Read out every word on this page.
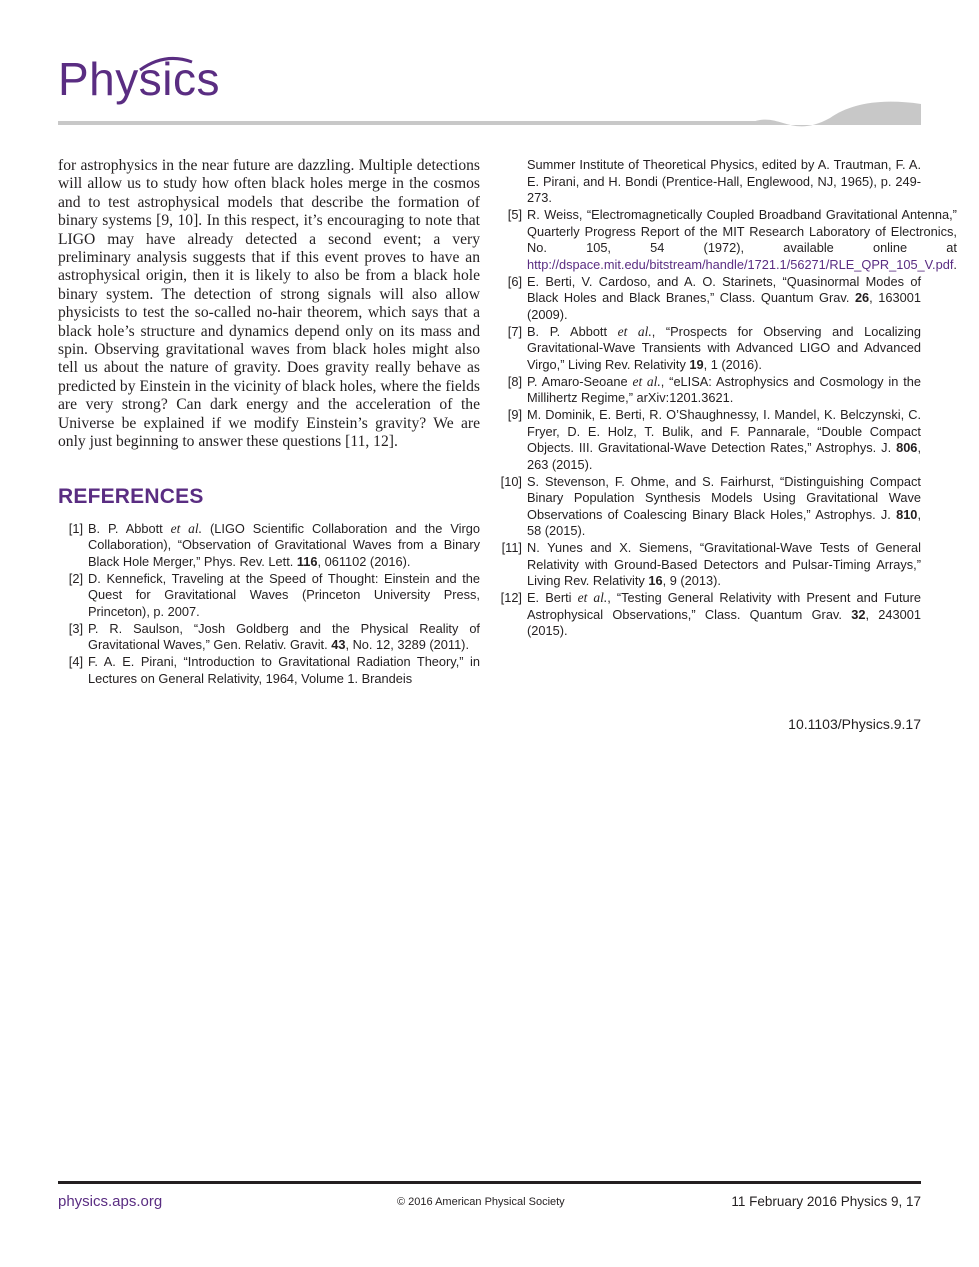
Physics

for astrophysics in the near future are dazzling. Multiple detections will allow us to study how often black holes merge in the cosmos and to test astrophysical models that describe the formation of binary systems [9, 10]. In this respect, it’s encouraging to note that LIGO may have already detected a second event; a very preliminary analysis suggests that if this event proves to have an astrophysical origin, then it is likely to also be from a black hole binary system. The detection of strong signals will also allow physicists to test the so-called no-hair theorem, which says that a black hole’s structure and dynamics depend only on its mass and spin. Observing gravitational waves from black holes might also tell us about the nature of gravity. Does gravity really behave as predicted by Einstein in the vicinity of black holes, where the fields are very strong? Can dark energy and the acceleration of the Universe be explained if we modify Einstein’s gravity? We are only just beginning to answer these questions [11, 12].

REFERENCES
[1] B. P. Abbott et al. (LIGO Scientific Collaboration and the Virgo Collaboration), “Observation of Gravitational Waves from a Binary Black Hole Merger,” Phys. Rev. Lett. 116, 061102 (2016).
[2] D. Kennefick, Traveling at the Speed of Thought: Einstein and the Quest for Gravitational Waves (Princeton University Press, Princeton), p. 2007.
[3] P. R. Saulson, “Josh Goldberg and the Physical Reality of Gravitational Waves,” Gen. Relativ. Gravit. 43, No. 12, 3289 (2011).
[4] F. A. E. Pirani, “Introduction to Gravitational Radiation Theory,” in Lectures on General Relativity, 1964, Volume 1. Brandeis
Summer Institute of Theoretical Physics, edited by A. Trautman, F. A. E. Pirani, and H. Bondi (Prentice-Hall, Englewood, NJ, 1965), p. 249-273.
[5] R. Weiss, “Electromagnetically Coupled Broadband Gravitational Antenna,” Quarterly Progress Report of the MIT Research Laboratory of Electronics, No. 105, 54 (1972), available online at http://dspace.mit.edu/bitstream/handle/1721.1/56271/RLE_QPR_105_V.pdf.
[6] E. Berti, V. Cardoso, and A. O. Starinets, “Quasinormal Modes of Black Holes and Black Branes,” Class. Quantum Grav. 26, 163001 (2009).
[7] B. P. Abbott et al., “Prospects for Observing and Localizing Gravitational-Wave Transients with Advanced LIGO and Advanced Virgo,” Living Rev. Relativity 19, 1 (2016).
[8] P. Amaro-Seoane et al., “eLISA: Astrophysics and Cosmology in the Millihertz Regime,” arXiv:1201.3621.
[9] M. Dominik, E. Berti, R. O’Shaughnessy, I. Mandel, K. Belczynski, C. Fryer, D. E. Holz, T. Bulik, and F. Pannarale, “Double Compact Objects. III. Gravitational-Wave Detection Rates,” Astrophys. J. 806, 263 (2015).
[10] S. Stevenson, F. Ohme, and S. Fairhurst, “Distinguishing Compact Binary Population Synthesis Models Using Gravitational Wave Observations of Coalescing Binary Black Holes,” Astrophys. J. 810, 58 (2015).
[11] N. Yunes and X. Siemens, “Gravitational-Wave Tests of General Relativity with Ground-Based Detectors and Pulsar-Timing Arrays,” Living Rev. Relativity 16, 9 (2013).
[12] E. Berti et al., “Testing General Relativity with Present and Future Astrophysical Observations,” Class. Quantum Grav. 32, 243001 (2015).
10.1103/Physics.9.17
physics.aps.org	© 2016 American Physical Society	11 February 2016 Physics 9, 17
